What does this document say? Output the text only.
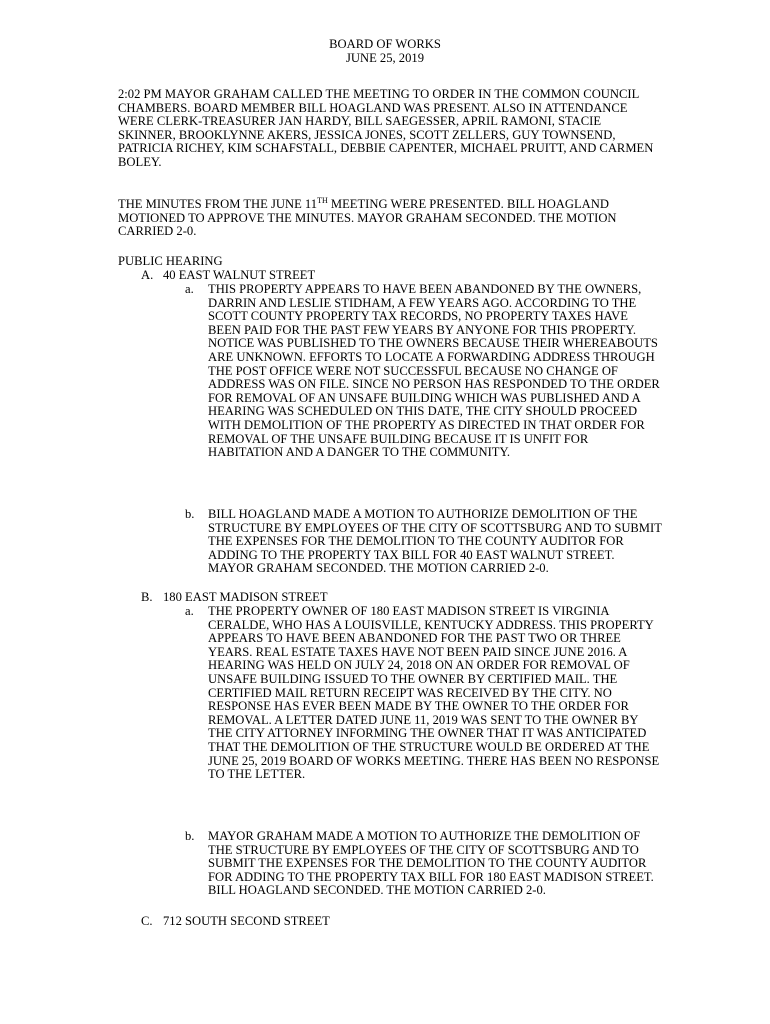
BOARD OF WORKS
JUNE 25, 2019
2:02 PM MAYOR GRAHAM CALLED THE MEETING TO ORDER IN THE COMMON COUNCIL CHAMBERS. BOARD MEMBER BILL HOAGLAND WAS PRESENT. ALSO IN ATTENDANCE WERE CLERK-TREASURER JAN HARDY, BILL SAEGESSER, APRIL RAMONI, STACIE SKINNER, BROOKLYNNE AKERS, JESSICA JONES, SCOTT ZELLERS, GUY TOWNSEND, PATRICIA RICHEY, KIM SCHAFSTALL, DEBBIE CAPENTER, MICHAEL PRUITT, AND CARMEN BOLEY.
THE MINUTES FROM THE JUNE 11TH MEETING WERE PRESENTED. BILL HOAGLAND MOTIONED TO APPROVE THE MINUTES. MAYOR GRAHAM SECONDED. THE MOTION CARRIED 2-0.
PUBLIC HEARING
A. 40 EAST WALNUT STREET
a.	THIS PROPERTY APPEARS TO HAVE BEEN ABANDONED BY THE OWNERS, DARRIN AND LESLIE STIDHAM, A FEW YEARS AGO. ACCORDING TO THE SCOTT COUNTY PROPERTY TAX RECORDS, NO PROPERTY TAXES HAVE BEEN PAID FOR THE PAST FEW YEARS BY ANYONE FOR THIS PROPERTY. NOTICE WAS PUBLISHED TO THE OWNERS BECAUSE THEIR WHEREABOUTS ARE UNKNOWN. EFFORTS TO LOCATE A FORWARDING ADDRESS THROUGH THE POST OFFICE WERE NOT SUCCESSFUL BECAUSE NO CHANGE OF ADDRESS WAS ON FILE. SINCE NO PERSON HAS RESPONDED TO THE ORDER FOR REMOVAL OF AN UNSAFE BUILDING WHICH WAS PUBLISHED AND A HEARING WAS SCHEDULED ON THIS DATE, THE CITY SHOULD PROCEED WITH DEMOLITION OF THE PROPERTY AS DIRECTED IN THAT ORDER FOR REMOVAL OF THE UNSAFE BUILDING BECAUSE IT IS UNFIT FOR HABITATION AND A DANGER TO THE COMMUNITY.
b.	BILL HOAGLAND MADE A MOTION TO AUTHORIZE DEMOLITION OF THE STRUCTURE BY EMPLOYEES OF THE CITY OF SCOTTSBURG AND TO SUBMIT THE EXPENSES FOR THE DEMOLITION TO THE COUNTY AUDITOR FOR ADDING TO THE PROPERTY TAX BILL FOR 40 EAST WALNUT STREET. MAYOR GRAHAM SECONDED. THE MOTION CARRIED 2-0.
B. 180 EAST MADISON STREET
a.	THE PROPERTY OWNER OF 180 EAST MADISON STREET IS VIRGINIA CERALDE, WHO HAS A LOUISVILLE, KENTUCKY ADDRESS. THIS PROPERTY APPEARS TO HAVE BEEN ABANDONED FOR THE PAST TWO OR THREE YEARS. REAL ESTATE TAXES HAVE NOT BEEN PAID SINCE JUNE 2016. A HEARING WAS HELD ON JULY 24, 2018 ON AN ORDER FOR REMOVAL OF UNSAFE BUILDING ISSUED TO THE OWNER BY CERTIFIED MAIL. THE CERTIFIED MAIL RETURN RECEIPT WAS RECEIVED BY THE CITY. NO RESPONSE HAS EVER BEEN MADE BY THE OWNER TO THE ORDER FOR REMOVAL. A LETTER DATED JUNE 11, 2019 WAS SENT TO THE OWNER BY THE CITY ATTORNEY INFORMING THE OWNER THAT IT WAS ANTICIPATED THAT THE DEMOLITION OF THE STRUCTURE WOULD BE ORDERED AT THE JUNE 25, 2019 BOARD OF WORKS MEETING. THERE HAS BEEN NO RESPONSE TO THE LETTER.
b.	MAYOR GRAHAM MADE A MOTION TO AUTHORIZE THE DEMOLITION OF THE STRUCTURE BY EMPLOYEES OF THE CITY OF SCOTTSBURG AND TO SUBMIT THE EXPENSES FOR THE DEMOLITION TO THE COUNTY AUDITOR FOR ADDING TO THE PROPERTY TAX BILL FOR 180 EAST MADISON STREET. BILL HOAGLAND SECONDED. THE MOTION CARRIED 2-0.
C. 712 SOUTH SECOND STREET
